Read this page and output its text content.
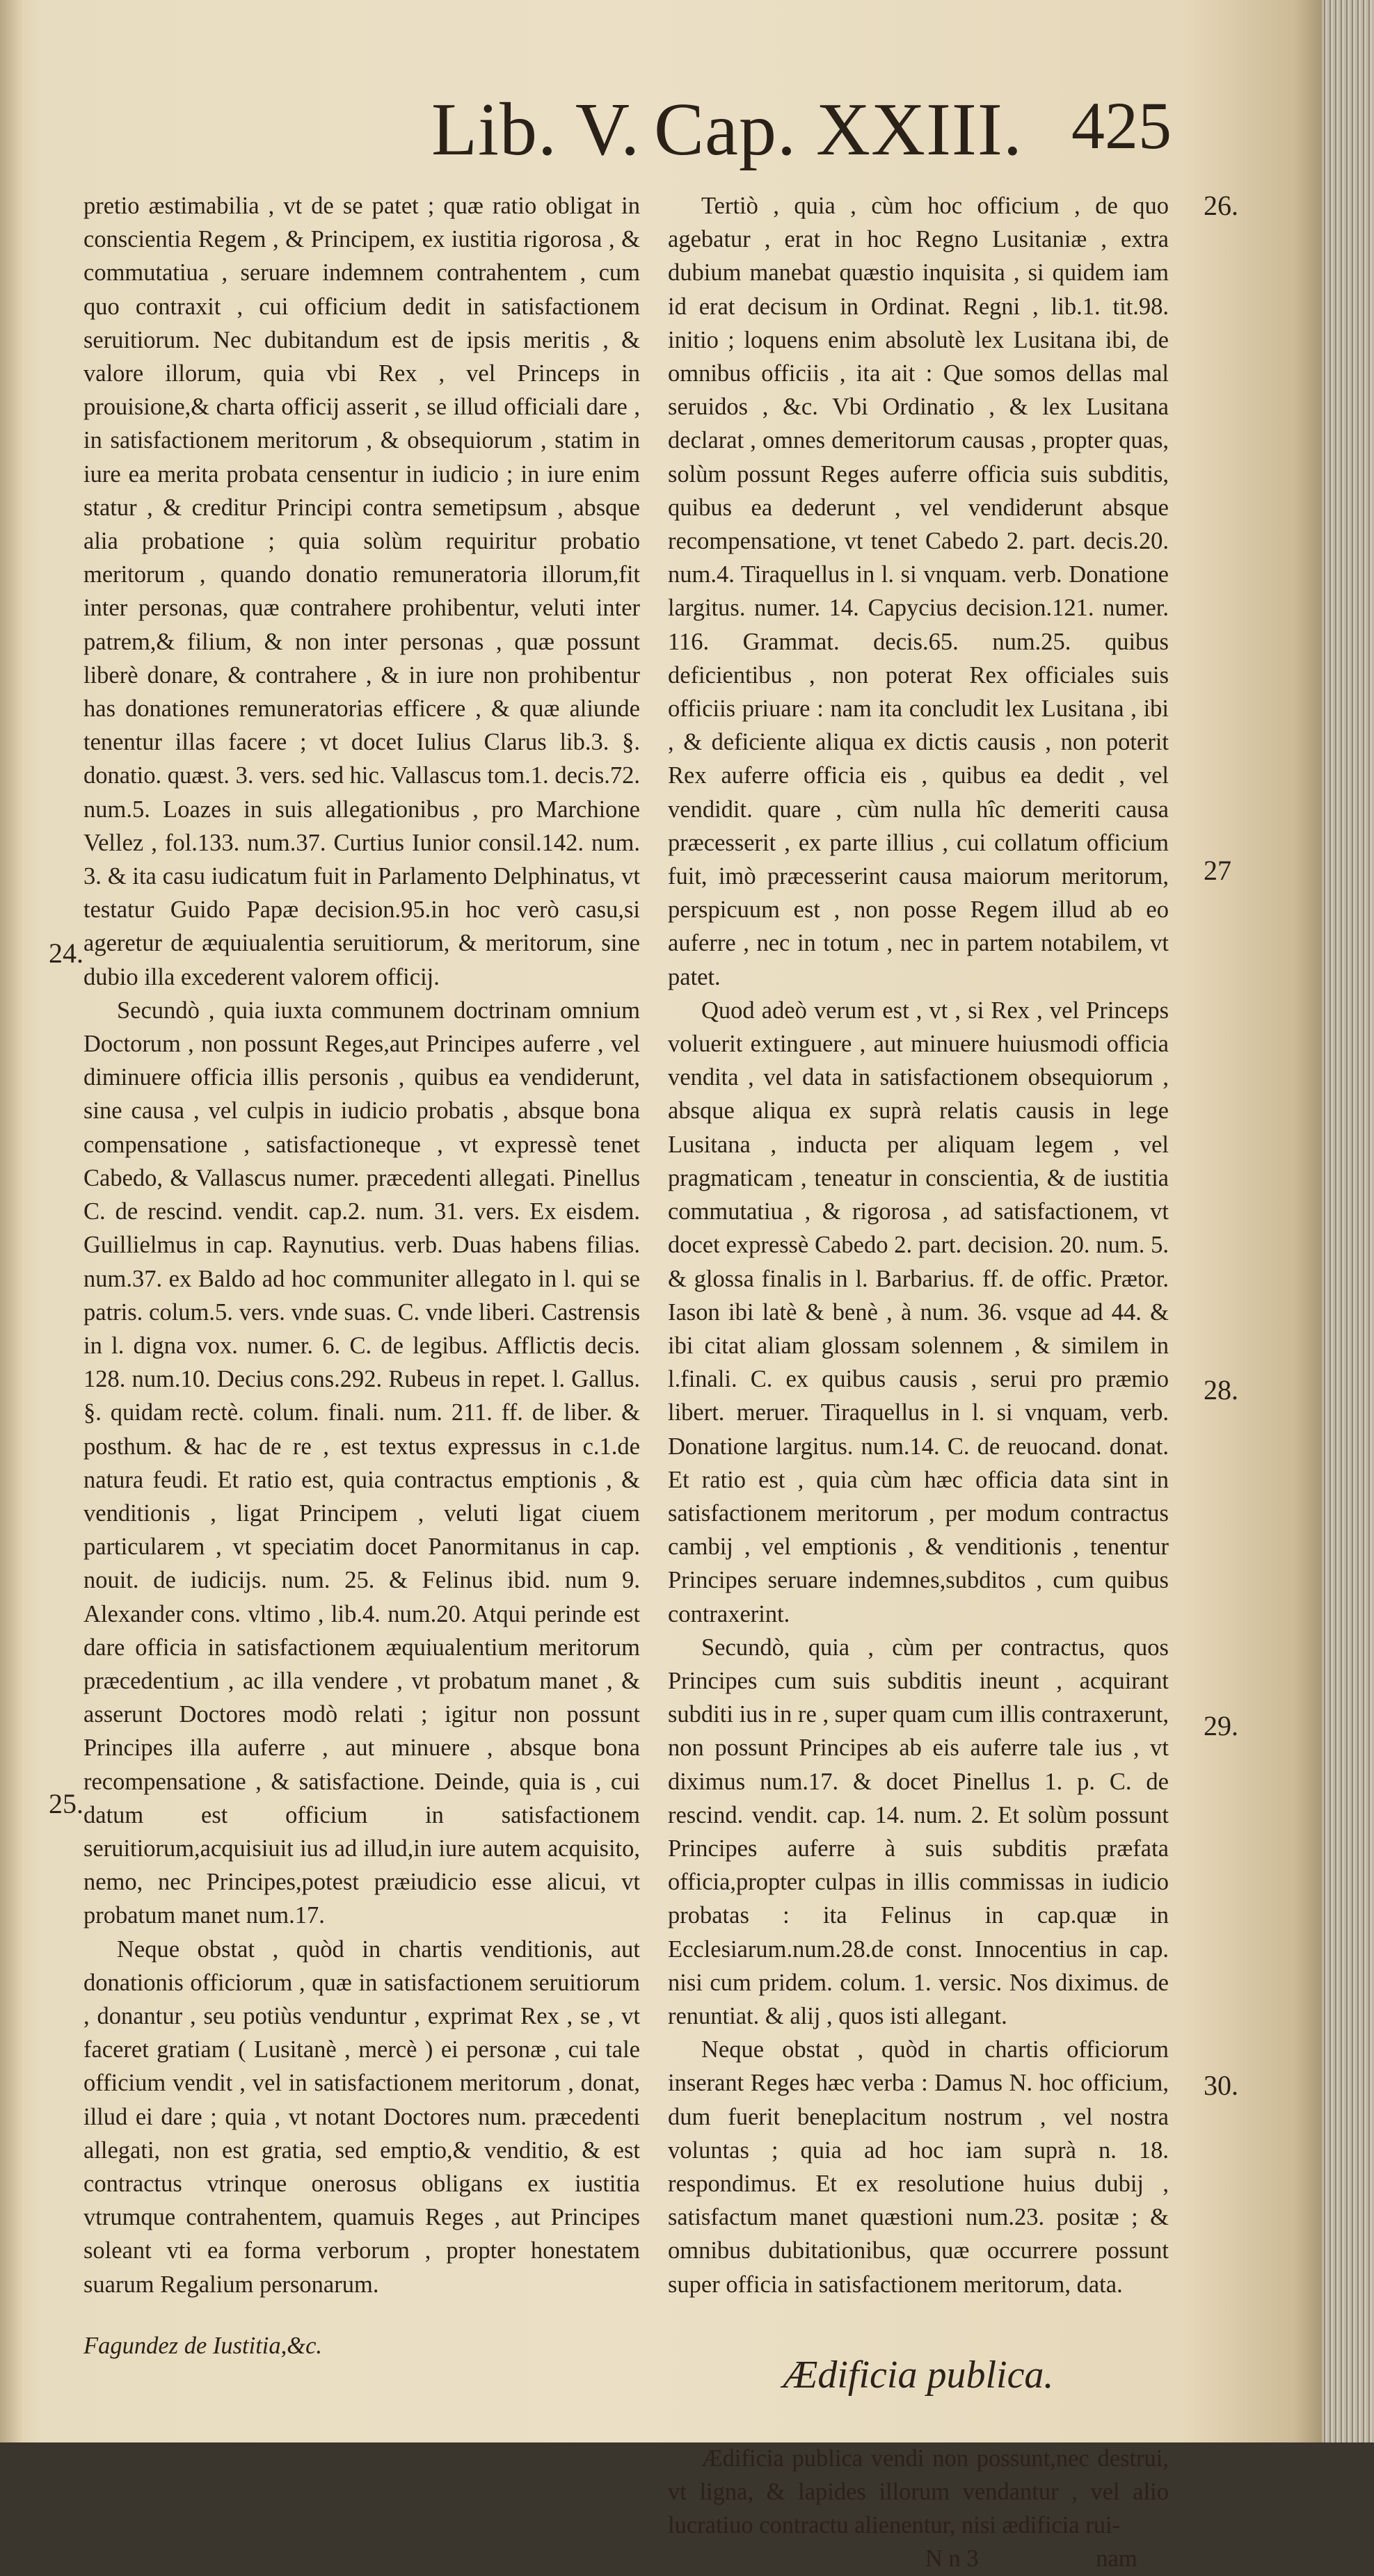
Lib. V. Cap. XXIII. 425
24.
25.
26.
27
28.
29.
30.

pretio æstimabilia , vt de se patet ; quæ ratio obligat in conscientia Regem , & Principem, ex iustitia rigorosa , & commutatiua , seruare indemnem contrahentem , cum quo contraxit , cui officium dedit in satisfactionem seruitiorum. Nec dubitandum est de ipsis meritis , & valore illorum, quia vbi Rex , vel Princeps in prouisione,& charta officij asserit , se illud officiali dare , in satisfactionem meritorum , & obsequiorum , statim in iure ea merita probata censentur in iudicio ; in iure enim statur , & creditur Principi contra semetipsum , absque alia probatione ; quia solùm requiritur probatio meritorum , quando donatio remuneratoria illorum,fit inter personas, quæ contrahere prohibentur, veluti inter patrem,& filium, & non inter personas , quæ possunt liberè donare, & contrahere , & in iure non prohibentur has donationes remuneratorias efficere , & quæ aliunde tenentur illas facere ; vt docet Iulius Clarus lib.3. §. donatio. quæst. 3. vers. sed hic. Vallascus tom.1. decis.72. num.5. Loazes in suis allegationibus , pro Marchione Vellez , fol.133. num.37. Curtius Iunior consil.142. num. 3. & ita casu iudicatum fuit in Parlamento Delphinatus, vt testatur Guido Papæ decision.95.in hoc verò casu,si ageretur de æquiualentia seruitiorum, & meritorum, sine dubio illa excederent valorem officij.

Secundò , quia iuxta communem doctrinam omnium Doctorum , non possunt Reges,aut Principes auferre , vel diminuere officia illis personis , quibus ea vendiderunt, sine causa , vel culpis in iudicio probatis , absque bona compensatione , satisfactioneque , vt expressè tenet Cabedo, & Vallascus numer. præcedenti allegati. Pinellus C. de rescind. vendit. cap.2. num. 31. vers. Ex eisdem. Guillielmus in cap. Raynutius. verb. Duas habens filias. num.37. ex Baldo ad hoc communiter allegato in l. qui se patris. colum.5. vers. vnde suas. C. vnde liberi. Castrensis in l. digna vox. numer. 6. C. de legibus. Afflictis decis. 128. num.10. Decius cons.292. Rubeus in repet. l. Gallus. §. quidam rectè. colum. finali. num. 211. ff. de liber. & posthum. & hac de re , est textus expressus in c.1.de natura feudi. Et ratio est, quia contractus emptionis , & venditionis , ligat Principem , veluti ligat ciuem particularem , vt speciatim docet Panormitanus in cap. nouit. de iudicijs. num. 25. & Felinus ibid. num 9. Alexander cons. vltimo , lib.4. num.20. Atqui perinde est dare officia in satisfactionem æquiualentium meritorum præcedentium , ac illa vendere , vt probatum manet , & asserunt Doctores modò relati ; igitur non possunt Principes illa auferre , aut minuere , absque bona recompensatione , & satisfactione. Deinde, quia is , cui datum est officium in satisfactionem seruitiorum,acquisiuit ius ad illud,in iure autem acquisito, nemo, nec Principes,potest præiudicio esse alicui, vt probatum manet num.17.

Neque obstat , quòd in chartis venditionis, aut donationis officiorum , quæ in satisfactionem seruitiorum , donantur , seu potiùs venduntur , exprimat Rex , se , vt faceret gratiam ( Lusitanè , mercè ) ei personæ , cui tale officium vendit , vel in satisfactionem meritorum , donat, illud ei dare ; quia , vt notant Doctores num. præcedenti allegati, non est gratia, sed emptio,& venditio, & est contractus vtrinque onerosus obligans ex iustitia vtrumque contrahentem, quamuis Reges , aut Principes soleant vti ea forma verborum , propter honestatem suarum Regalium personarum.

Fagundez de Iustitia,&c.

Tertiò , quia , cùm hoc officium , de quo agebatur , erat in hoc Regno Lusitaniæ , extra dubium manebat quæstio inquisita , si quidem iam id erat decisum in Ordinat. Regni , lib.1. tit.98. initio ; loquens enim absolutè lex Lusitana ibi, de omnibus officiis , ita ait : Que somos dellas mal seruidos , &c. Vbi Ordinatio , & lex Lusitana declarat , omnes demeritorum causas , propter quas, solùm possunt Reges auferre officia suis subditis, quibus ea dederunt , vel vendiderunt absque recompensatione, vt tenet Cabedo 2. part. decis.20. num.4. Tiraquellus in l. si vnquam. verb. Donatione largitus. numer. 14. Capycius decision.121. numer. 116. Grammat. decis.65. num.25. quibus deficientibus , non poterat Rex officiales suis officiis priuare : nam ita concludit lex Lusitana , ibi , & deficiente aliqua ex dictis causis , non poterit Rex auferre officia eis , quibus ea dedit , vel vendidit. quare , cùm nulla hîc demeriti causa præcesserit , ex parte illius , cui collatum officium fuit, imò præcesserint causa maiorum meritorum, perspicuum est , non posse Regem illud ab eo auferre , nec in totum , nec in partem notabilem, vt patet.

Quod adeò verum est , vt , si Rex , vel Princeps voluerit extinguere , aut minuere huiusmodi officia vendita , vel data in satisfactionem obsequiorum , absque aliqua ex suprà relatis causis in lege Lusitana , inducta per aliquam legem , vel pragmaticam , teneatur in conscientia, & de iustitia commutatiua , & rigorosa , ad satisfactionem, vt docet expressè Cabedo 2. part. decision. 20. num. 5. & glossa finalis in l. Barbarius. ff. de offic. Prætor. Iason ibi latè & benè , à num. 36. vsque ad 44. & ibi citat aliam glossam solennem , & similem in l.finali. C. ex quibus causis , serui pro præmio libert. meruer. Tiraquellus in l. si vnquam, verb. Donatione largitus. num.14. C. de reuocand. donat. Et ratio est , quia cùm hæc officia data sint in satisfactionem meritorum , per modum contractus cambij , vel emptionis , & venditionis , tenentur Principes seruare indemnes,subditos , cum quibus contraxerint.

Secundò, quia , cùm per contractus, quos Principes cum suis subditis ineunt , acquirant subditi ius in re , super quam cum illis contraxerunt, non possunt Principes ab eis auferre tale ius , vt diximus num.17. & docet Pinellus 1. p. C. de rescind. vendit. cap. 14. num. 2. Et solùm possunt Principes auferre à suis subditis præfata officia,propter culpas in illis commissas in iudicio probatas : ita Felinus in cap.quæ in Ecclesiarum.num.28.de const. Innocentius in cap. nisi cum pridem. colum. 1. versic. Nos diximus. de renuntiat. & alij , quos isti allegant.

Neque obstat , quòd in chartis officiorum inserant Reges hæc verba : Damus N. hoc officium, dum fuerit beneplacitum nostrum , vel nostra voluntas ; quia ad hoc iam suprà n. 18. respondimus. Et ex resolutione huius dubij , satisfactum manet quæstioni num.23. positæ ; & omnibus dubitationibus, quæ occurrere possunt super officia in satisfactionem meritorum, data.

Ædificia publica.

Ædificia publica vendi non possunt,nec destrui, vt ligna, & lapides illorum vendantur , vel alio lucratiuo contractu alienentur, nisi ædificia rui-

N n 3	nam
